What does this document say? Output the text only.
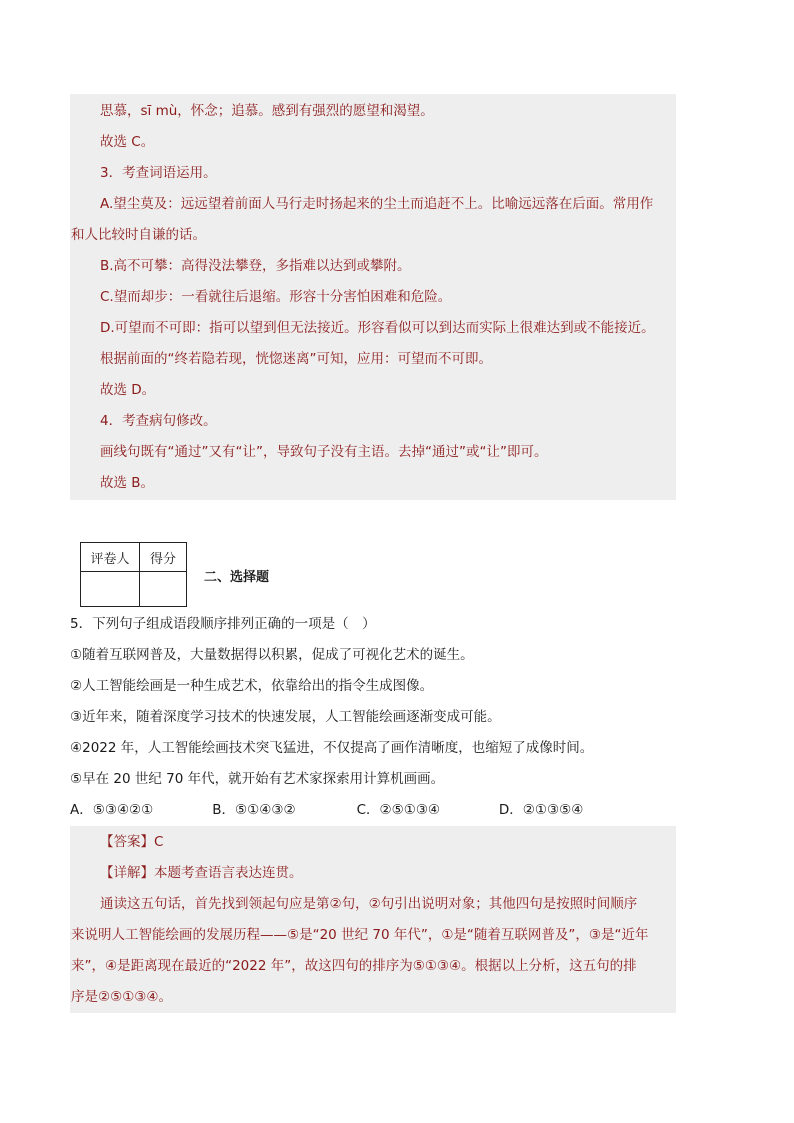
思慕，sī mù，怀念；追慕。感到有强烈的愿望和渴望。
故选 C。
3．考查词语运用。
A.望尘莫及：远远望着前面人马行走时扬起来的尘土而追赶不上。比喻远远落在后面。常用作
和人比较时自谦的话。
B.高不可攀：高得没法攀登，多指难以达到或攀附。
C.望而却步：一看就往后退缩。形容十分害怕困难和危险。
D.可望而不可即：指可以望到但无法接近。形容看似可以到达而实际上很难达到或不能接近。
根据前面的“终若隐若现，恍惚迷离”可知，应用：可望而不可即。
故选 D。
4．考查病句修改。
画线句既有“通过”又有“让”，导致句子没有主语。去掉“通过”或“让”即可。
故选 B。
评卷人	得分

二、选择题
5．下列句子组成语段顺序排列正确的一项是（　）
①随着互联网普及，大量数据得以积累，促成了可视化艺术的诞生。
②人工智能绘画是一种生成艺术，依靠给出的指令生成图像。
③近年来，随着深度学习技术的快速发展，人工智能绘画逐渐变成可能。
④2022 年，人工智能绘画技术突飞猛进，不仅提高了画作清晰度，也缩短了成像时间。
⑤早在 20 世纪 70 年代，就开始有艺术家探索用计算机画画。
A．⑤③④②①	B．⑤①④③②	C．②⑤①③④	D．②①③⑤④
【答案】C
【详解】本题考查语言表达连贯。
通读这五句话，首先找到领起句应是第②句，②句引出说明对象；其他四句是按照时间顺序
来说明人工智能绘画的发展历程——⑤是“20 世纪 70 年代”，①是“随着互联网普及”，③是“近年
来”，④是距离现在最近的“2022 年”，故这四句的排序为⑤①③④。根据以上分析，这五句的排
序是②⑤①③④。
